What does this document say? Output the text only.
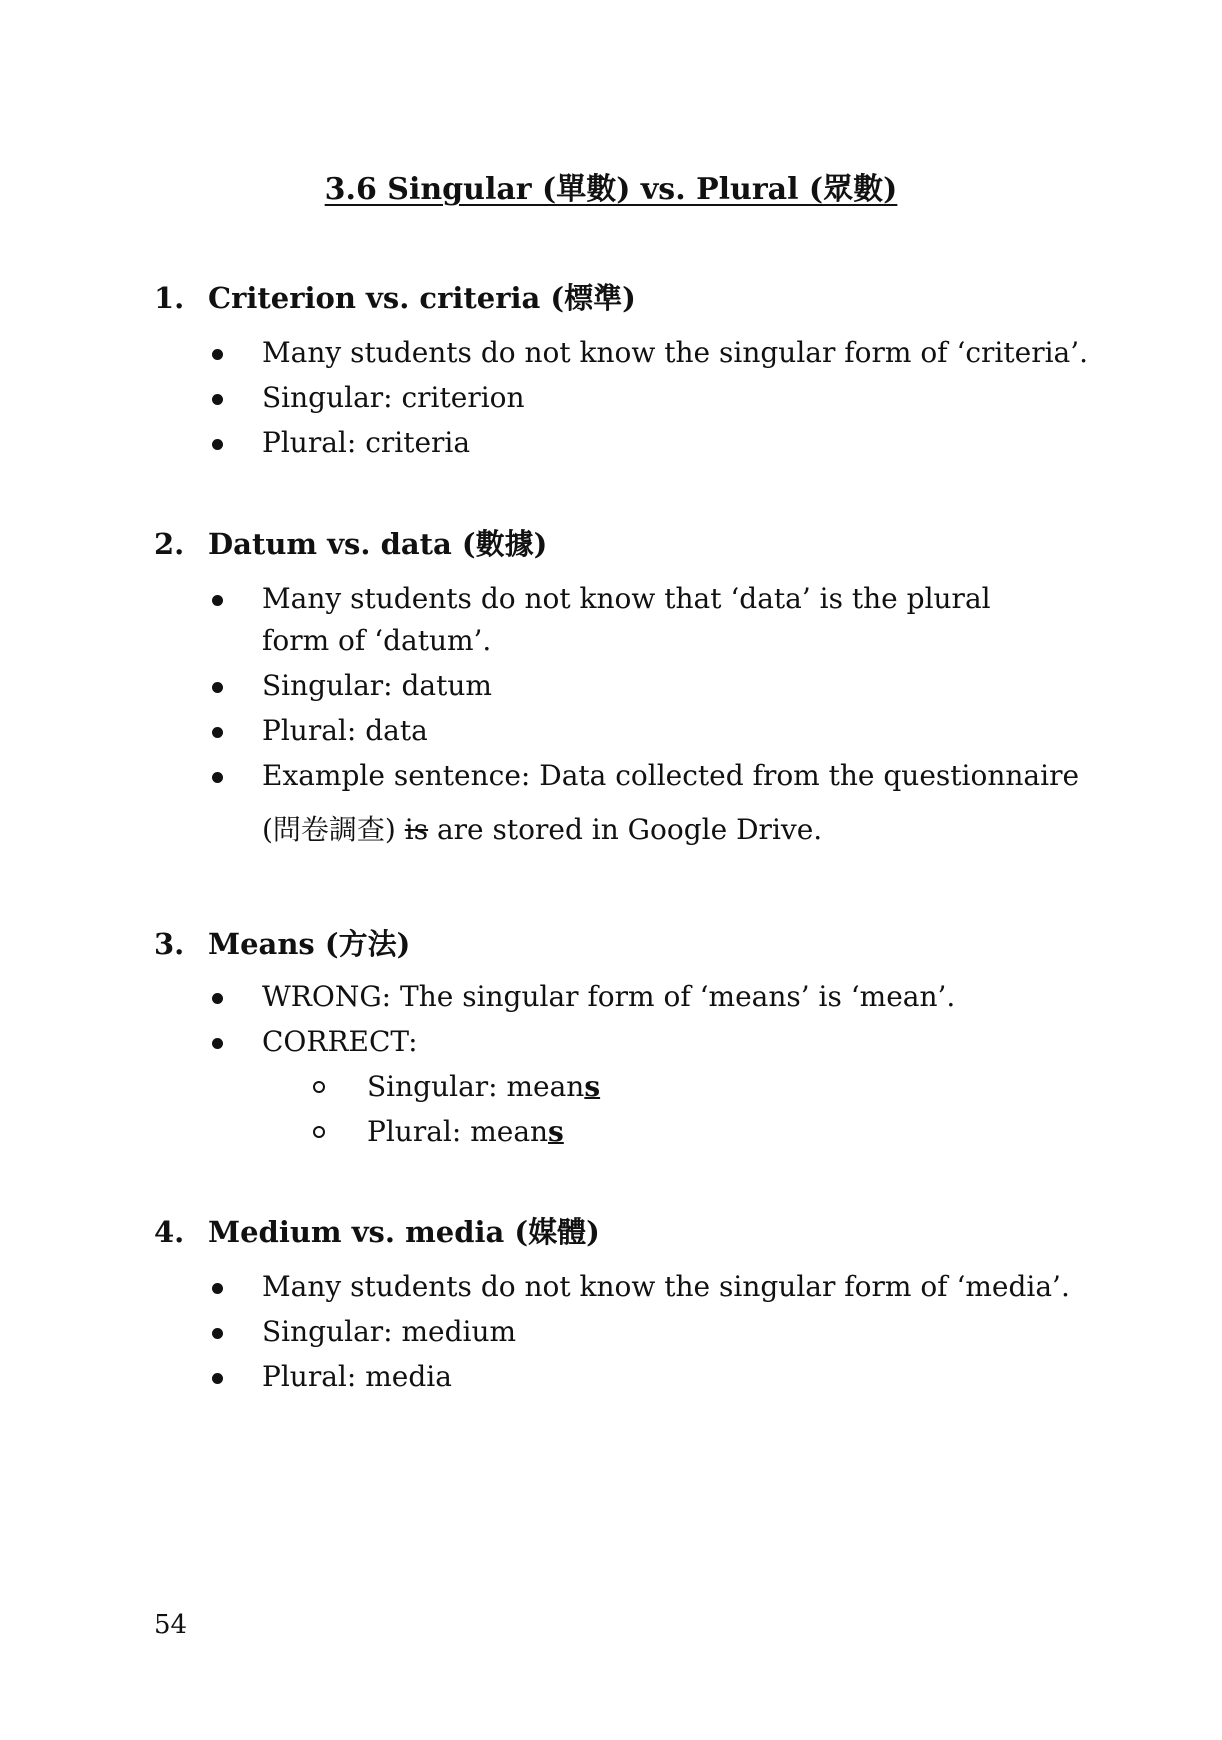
3.6 Singular (單數) vs. Plural (眾數)
1. Criterion vs. criteria (標準)
Many students do not know the singular form of ‘criteria’.
Singular: criterion
Plural: criteria
2. Datum vs. data (數據)
Many students do not know that ‘data’ is the plural form of ‘datum’.
Singular: datum
Plural: data
Example sentence: Data collected from the questionnaire
(問卷調查) is are stored in Google Drive.
3. Means (方法)
WRONG: The singular form of ‘means’ is ‘mean’.
CORRECT:
Singular: means
Plural: means
4. Medium vs. media (媒體)
Many students do not know the singular form of ‘media’.
Singular: medium
Plural: media
54
